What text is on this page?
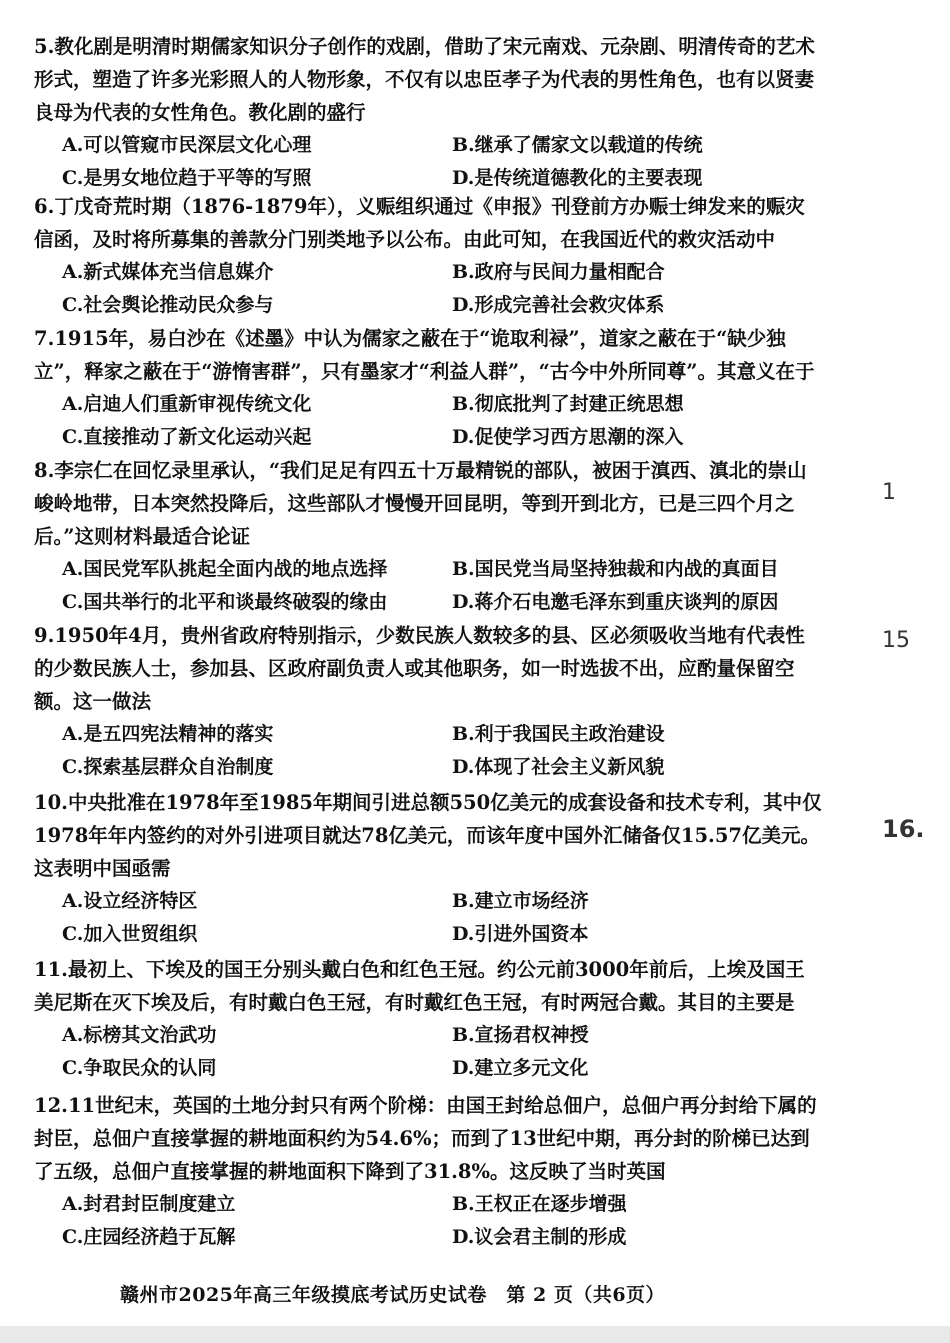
5.教化剧是明清时期儒家知识分子创作的戏剧，借助了宋元南戏、元杂剧、明清传奇的艺术形式，塑造了许多光彩照人的人物形象，不仅有以忠臣孝子为代表的男性角色，也有以贤妻良母为代表的女性角色。教化剧的盛行
A.可以管窥市民深层文化心理	B.继承了儒家文以载道的传统
C.是男女地位趋于平等的写照	D.是传统道德教化的主要表现
6.丁戊奇荒时期（1876-1879年），义赈组织通过《申报》刊登前方办赈士绅发来的赈灾信函，及时将所募集的善款分门别类地予以公布。由此可知，在我国近代的救灾活动中
A.新式媒体充当信息媒介	B.政府与民间力量相配合
C.社会舆论推动民众参与	D.形成完善社会救灾体系
7.1915年，易白沙在《述墨》中认为儒家之蔽在于“诡取利禄”，道家之蔽在于“缺少独立”，释家之蔽在于“游惰害群”，只有墨家才“利益人群”，“古今中外所同尊”。其意义在于
A.启迪人们重新审视传统文化	B.彻底批判了封建正统思想
C.直接推动了新文化运动兴起	D.促使学习西方思潮的深入
8.李宗仁在回忆录里承认，“我们足足有四五十万最精锐的部队，被困于滇西、滇北的崇山峻岭地带，日本突然投降后，这些部队才慢慢开回昆明，等到开到北方，已是三四个月之后。”这则材料最适合论证
A.国民党军队挑起全面内战的地点选择	B.国民党当局坚持独裁和内战的真面目
C.国共举行的北平和谈最终破裂的缘由	D.蒋介石电邀毛泽东到重庆谈判的原因
9.1950年4月，贵州省政府特别指示，少数民族人数较多的县、区必须吸收当地有代表性的少数民族人士，参加县、区政府副负责人或其他职务，如一时选拔不出，应酌量保留空额。这一做法
A.是五四宪法精神的落实	B.利于我国民主政治建设
C.探索基层群众自治制度	D.体现了社会主义新风貌
10.中央批准在1978年至1985年期间引进总额550亿美元的成套设备和技术专利，其中仅1978年年内签约的对外引进项目就达78亿美元，而该年度中国外汇储备仅15.57亿美元。这表明中国亟需
A.设立经济特区	B.建立市场经济
C.加入世贸组织	D.引进外国资本
11.最初上、下埃及的国王分别头戴白色和红色王冠。约公元前3000年前后，上埃及国王美尼斯在灭下埃及后，有时戴白色王冠，有时戴红色王冠，有时两冠合戴。其目的主要是
A.标榜其文治武功	B.宣扬君权神授
C.争取民众的认同	D.建立多元文化
12.11世纪末，英国的土地分封只有两个阶梯：由国王封给总佃户，总佃户再分封给下属的封臣，总佃户直接掌握的耕地面积约为54.6%；而到了13世纪中期，再分封的阶梯已达到了五级，总佃户直接掌握的耕地面积下降到了31.8%。这反映了当时英国
A.封君封臣制度建立	B.王权正在逐步增强
C.庄园经济趋于瓦解	D.议会君主制的形成
1
15
16.
赣州市2025年高三年级摸底考试历史试卷　第 2 页（共6页）
